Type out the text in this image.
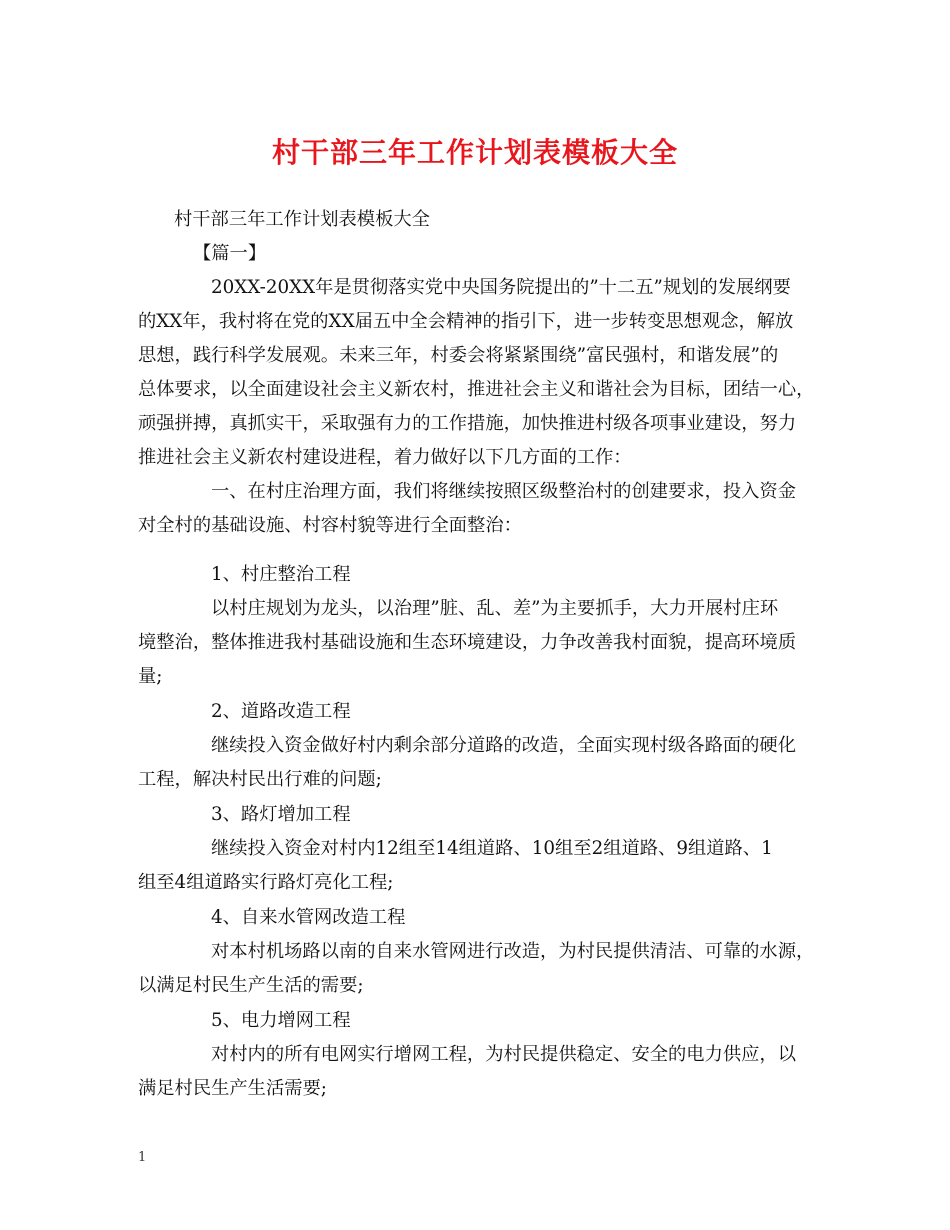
村干部三年工作计划表模板大全
村干部三年工作计划表模板大全
【篇一】
20XX-20XX年是贯彻落实党中央国务院提出的”十二五”规划的发展纲要
的XX年，我村将在党的XX届五中全会精神的指引下，进一步转变思想观念，解放
思想，践行科学发展观。未来三年，村委会将紧紧围绕”富民强村，和谐发展”的
总体要求，以全面建设社会主义新农村，推进社会主义和谐社会为目标，团结一心，
顽强拼搏，真抓实干，采取强有力的工作措施，加快推进村级各项事业建设，努力
推进社会主义新农村建设进程，着力做好以下几方面的工作：
一、在村庄治理方面，我们将继续按照区级整治村的创建要求，投入资金
对全村的基础设施、村容村貌等进行全面整治：
1、村庄整治工程
以村庄规划为龙头，以治理”脏、乱、差”为主要抓手，大力开展村庄环
境整治，整体推进我村基础设施和生态环境建设，力争改善我村面貌，提高环境质
量;
2、道路改造工程
继续投入资金做好村内剩余部分道路的改造，全面实现村级各路面的硬化
工程，解决村民出行难的问题;
3、路灯增加工程
继续投入资金对村内12组至14组道路、10组至2组道路、9组道路、1
组至4组道路实行路灯亮化工程;
4、自来水管网改造工程
对本村机场路以南的自来水管网进行改造，为村民提供清洁、可靠的水源，
以满足村民生产生活的需要;
5、电力增网工程
对村内的所有电网实行增网工程，为村民提供稳定、安全的电力供应，以
满足村民生产生活需要;
1
